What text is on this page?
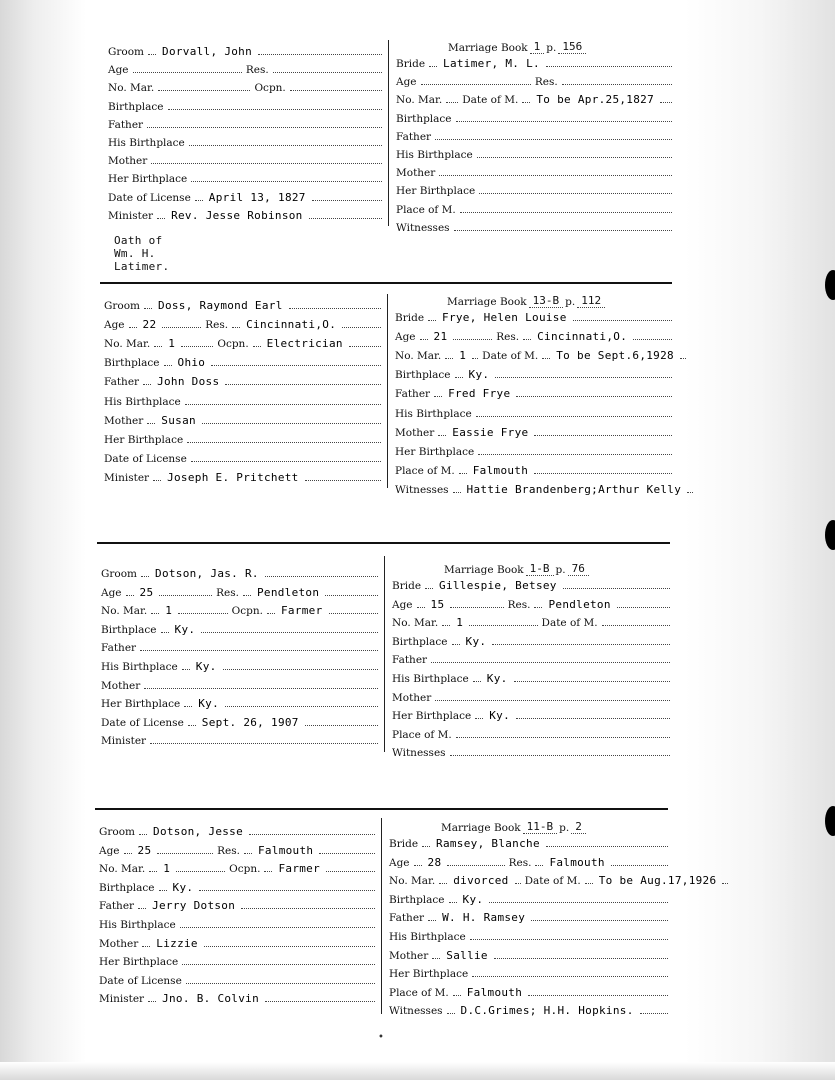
Marriage Book 1 p. 156
Groom Dorvall, John
Age	Res.
No. Mar.	Ocpn.
Birthplace
Father
His Birthplace
Mother
Her Birthplace
Date of License April 13, 1827
Minister Rev. Jesse Robinson
Bride Latimer, M. L.
Age	Res.
No. Mar. Date of M. To be Apr.25,1827
Birthplace
Father
His Birthplace
Mother
Her Birthplace
Place of M.
Witnesses
Oath of Wm. H. Latimer.
Marriage Book 13-B p. 112
Groom Doss, Raymond Earl
Age 22	Res. Cincinnati,O.
No. Mar. 1	Ocpn. Electrician
Birthplace Ohio
Father John Doss
His Birthplace
Mother Susan
Her Birthplace
Date of License
Minister Joseph E. Pritchett
Bride Frye, Helen Louise
Age 21	Res. Cincinnati,O.
No. Mar. 1 Date of M. To be Sept.6,1928
Birthplace Ky.
Father Fred Frye
His Birthplace
Mother Eassie Frye
Her Birthplace
Place of M. Falmouth
Witnesses Hattie Brandenberg;Arthur Kelly
Marriage Book 1-B p. 76
Groom Dotson, Jas. R.
Age 25	Res. Pendleton
No. Mar. 1	Ocpn. Farmer
Birthplace Ky.
Father
His Birthplace Ky.
Mother
Her Birthplace Ky.
Date of License Sept. 26, 1907
Minister
Bride Gillespie, Betsey
Age 15	Res. Pendleton
No. Mar. 1	Date of M.
Birthplace Ky.
Father
His Birthplace Ky.
Mother
Her Birthplace Ky.
Place of M.
Witnesses
Marriage Book 11-B p. 2
Groom Dotson, Jesse
Age 25	Res. Falmouth
No. Mar. 1	Ocpn. Farmer
Birthplace Ky.
Father Jerry Dotson
His Birthplace
Mother Lizzie
Her Birthplace
Date of License
Minister Jno. B. Colvin
Bride Ramsey, Blanche
Age 28	Res. Falmouth
No. Mar. divorced Date of M. To be Aug.17,1926
Birthplace Ky.
Father W. H. Ramsey
His Birthplace
Mother Sallie
Her Birthplace
Place of M. Falmouth
Witnesses D.C.Grimes; H.H. Hopkins.
•
